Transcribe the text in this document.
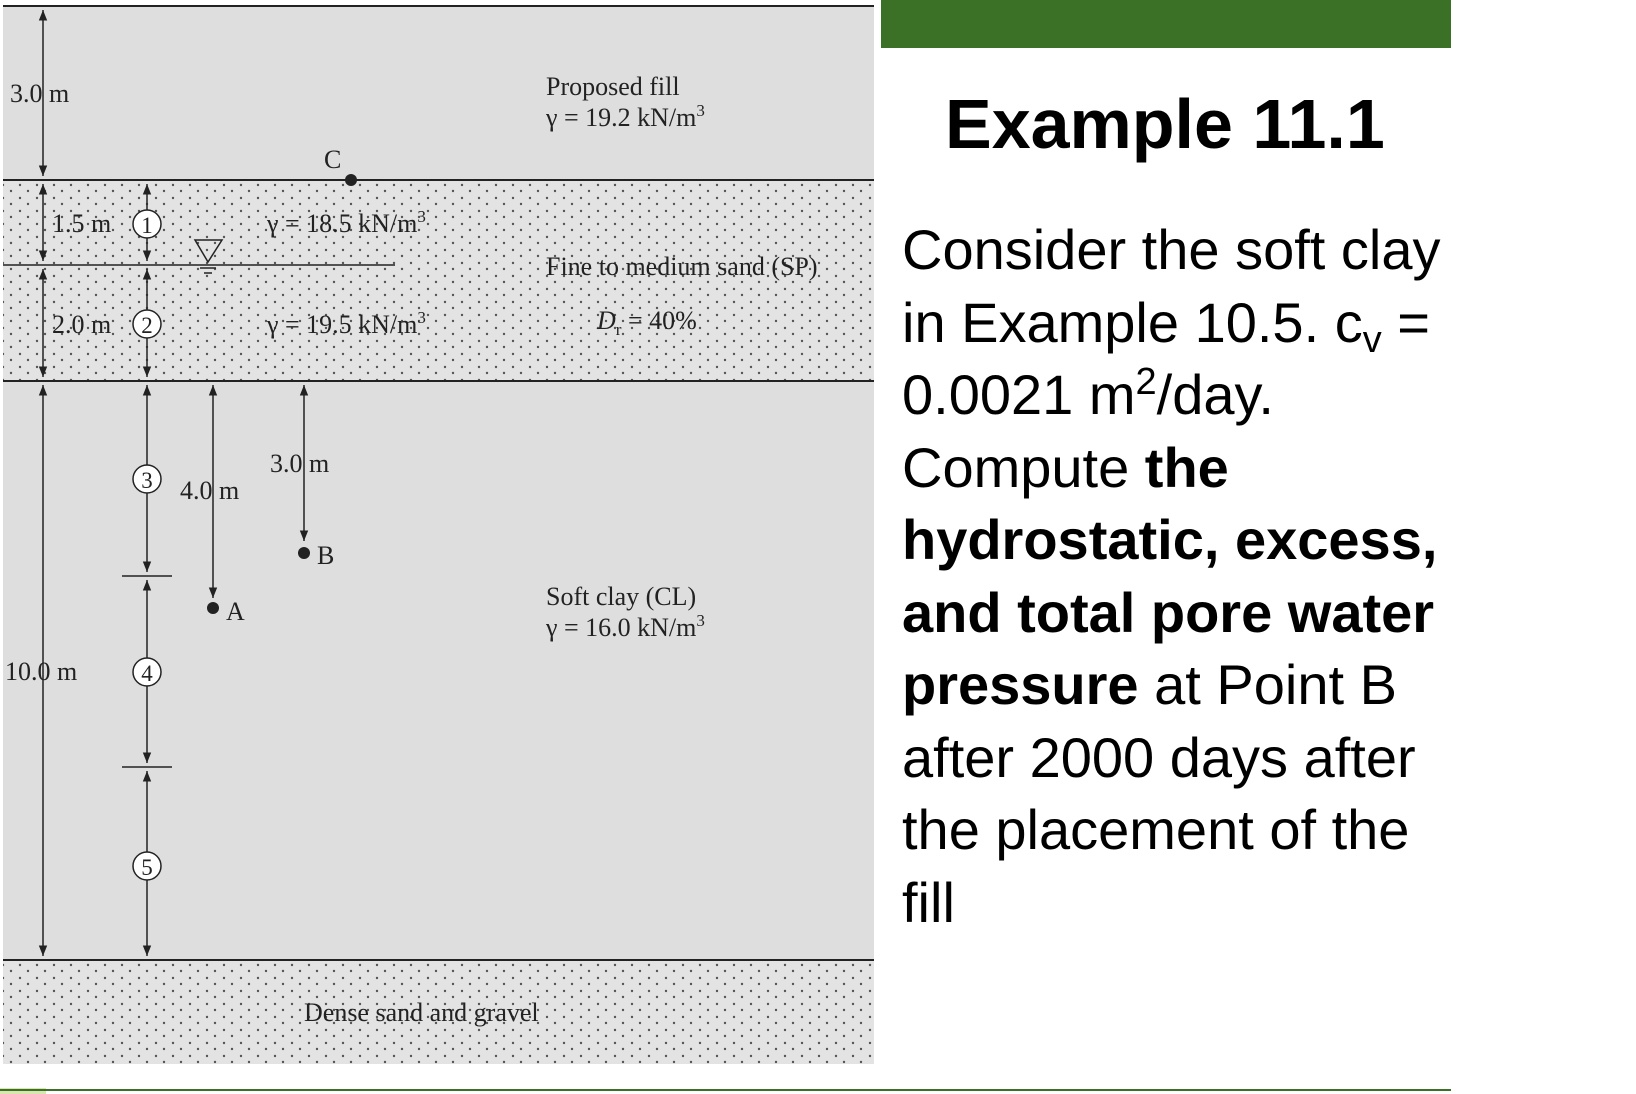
C
A
B
1
2
3
4
5
3.0 m
1.5 m
2.0 m
10.0 m
4.0 m
3.0 m
Proposed fill
γ = 19.2 $kN/m^3$
γ = 18.5 $kN/m^3$
Fine to medium sand (SP)
γ = 19.5 $kN/m^3$	$D_r = 40\%$
Soft clay (CL)
γ = 16.0 $kN/m^3$
Dense sand and gravel
Example 11.1
Consider the soft clay in Example 10.5. $c_v = 0.0021$ $m^2$/day. Compute the hydrostatic, excess, and total pore water pressure at Point B after 2000 days after the placement of the fill
